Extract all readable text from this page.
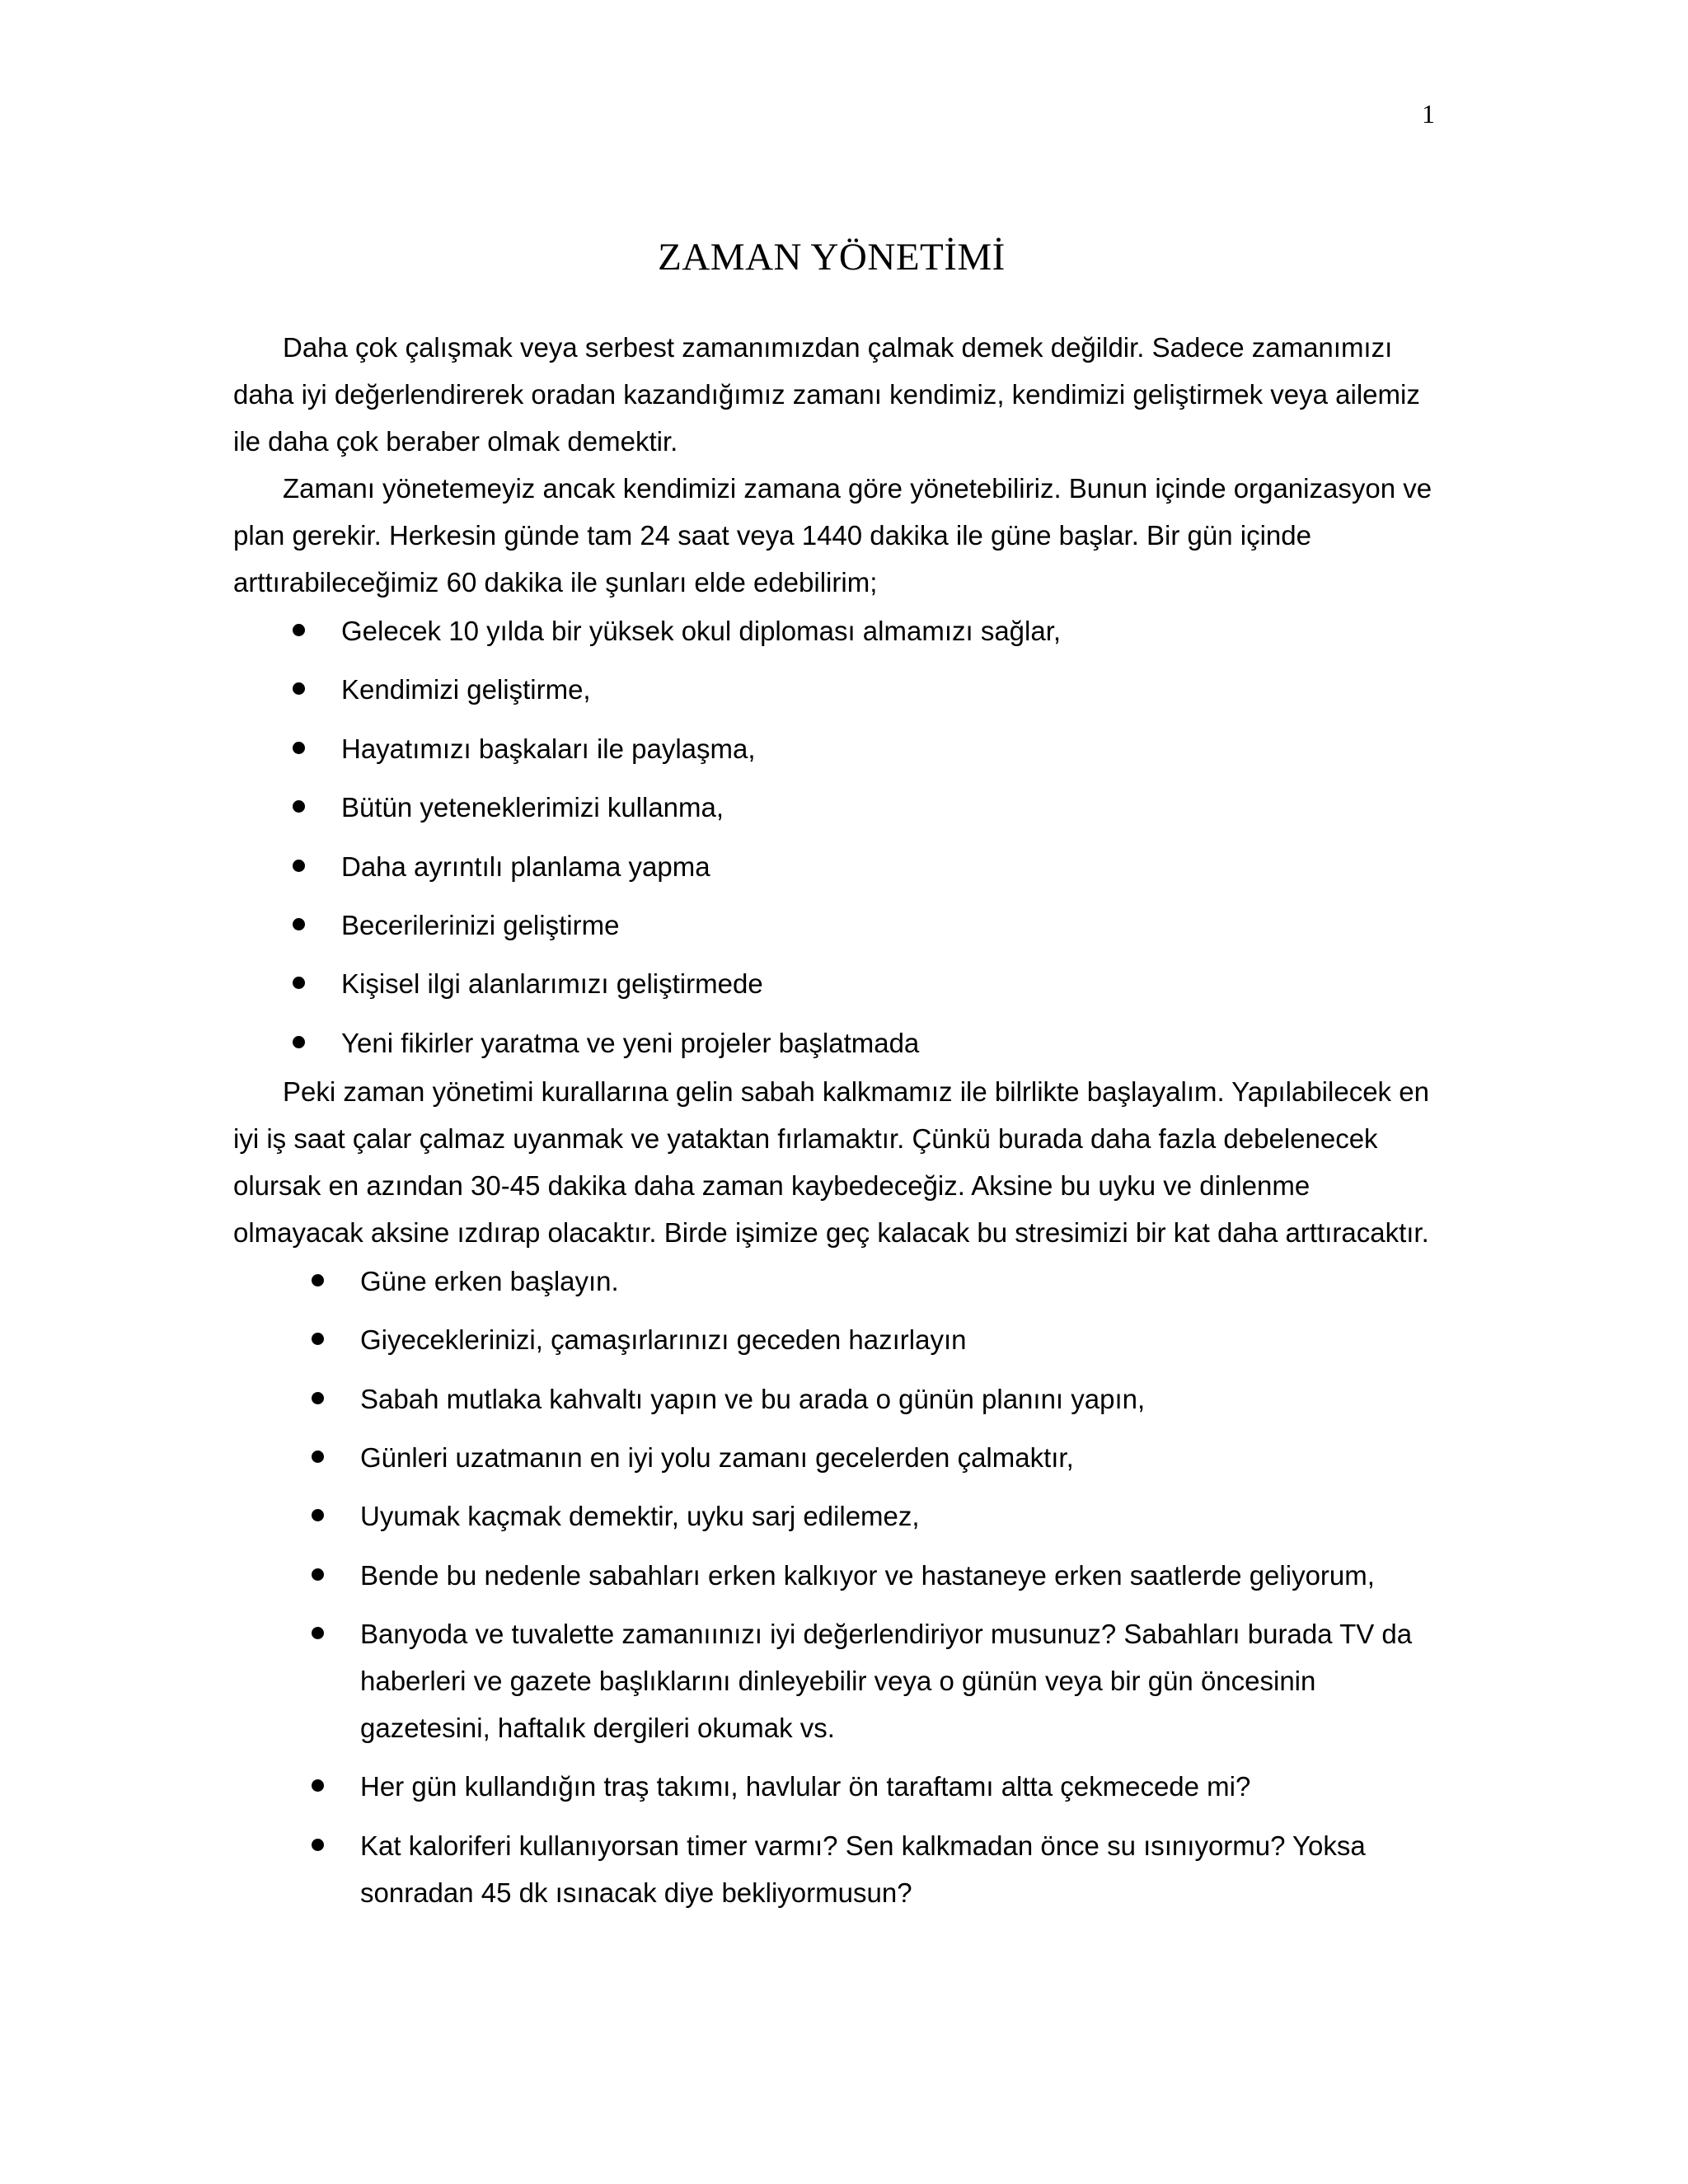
1

ZAMAN YÖNETİMİ

Daha çok çalışmak veya serbest zamanımızdan çalmak demek değildir. Sadece zamanımızı
daha iyi değerlendirerek oradan kazandığımız zamanı kendimiz, kendimizi geliştirmek veya ailemiz
ile daha çok beraber olmak demektir.

Zamanı yönetemeyiz ancak kendimizi zamana göre yönetebiliriz. Bunun içinde organizasyon ve
plan gerekir. Herkesin günde tam 24 saat veya 1440 dakika ile güne başlar. Bir gün içinde
arttırabileceğimiz 60 dakika ile şunları elde edebilirim;

Gelecek 10 yılda bir yüksek okul diploması almamızı sağlar,
Kendimizi geliştirme,
Hayatımızı başkaları ile paylaşma,
Bütün yeteneklerimizi kullanma,
Daha ayrıntılı planlama yapma
Becerilerinizi geliştirme
Kişisel ilgi alanlarımızı geliştirmede
Yeni fikirler yaratma ve yeni projeler başlatmada

Peki zaman yönetimi kurallarına gelin sabah kalkmamız ile bilrlikte başlayalım. Yapılabilecek en
iyi iş saat çalar çalmaz uyanmak ve yataktan fırlamaktır. Çünkü burada daha fazla debelenecek
olursak en azından 30-45 dakika daha zaman kaybedeceğiz. Aksine bu uyku ve dinlenme
olmayacak aksine ızdırap olacaktır. Birde işimize geç kalacak bu stresimizi bir kat daha arttıracaktır.

Güne erken başlayın.
Giyeceklerinizi, çamaşırlarınızı geceden hazırlayın
Sabah mutlaka kahvaltı yapın ve bu arada o günün planını yapın,
Günleri uzatmanın en iyi yolu zamanı gecelerden çalmaktır,
Uyumak kaçmak demektir, uyku sarj edilemez,
Bende bu nedenle sabahları erken kalkıyor ve hastaneye erken saatlerde geliyorum,
Banyoda ve tuvalette zamanıınızı iyi değerlendiriyor musunuz? Sabahları burada TV da
haberleri ve gazete başlıklarını dinleyebilir veya o günün veya bir gün öncesinin
gazetesini, haftalık dergileri okumak vs.
Her gün kullandığın traş takımı, havlular ön taraftamı altta çekmecede mi?
Kat kaloriferi kullanıyorsan timer varmı? Sen kalkmadan önce su ısınıyormu? Yoksa
sonradan 45 dk ısınacak diye bekliyormusun?
